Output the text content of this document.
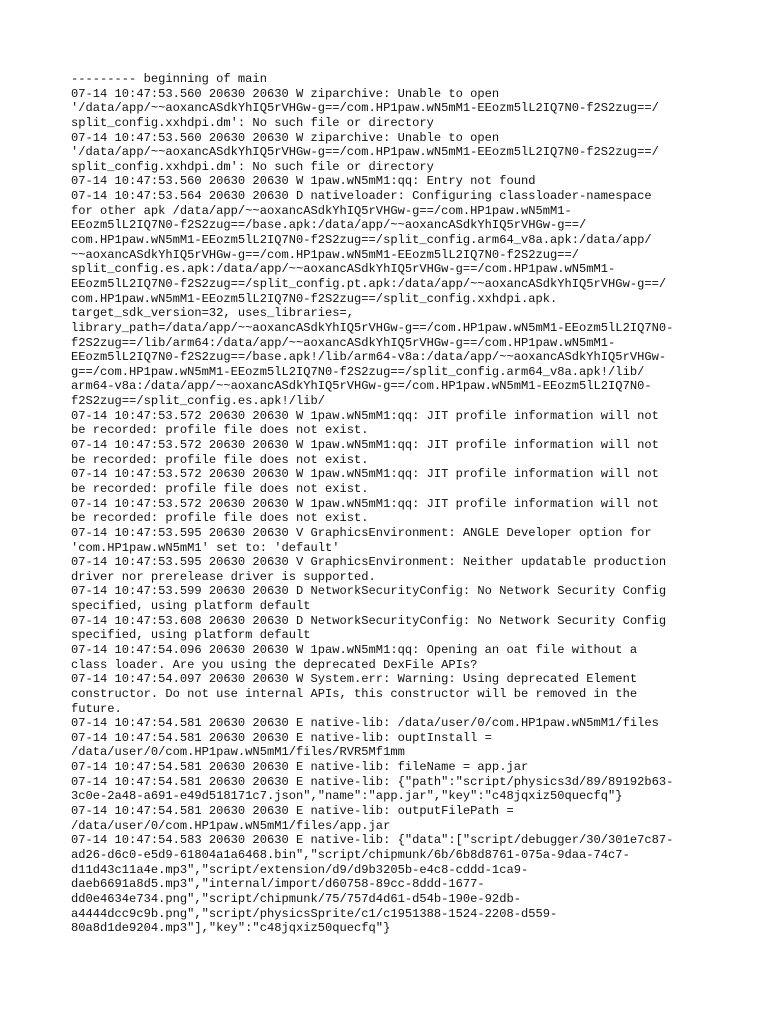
--------- beginning of main
07-14 10:47:53.560 20630 20630 W ziparchive: Unable to open
'/data/app/~~aoxancASdkYhIQ5rVHGw-g==/com.HP1paw.wN5mM1-EEozm5lL2IQ7N0-f2S2zug==/
split_config.xxhdpi.dm': No such file or directory
07-14 10:47:53.560 20630 20630 W ziparchive: Unable to open
'/data/app/~~aoxancASdkYhIQ5rVHGw-g==/com.HP1paw.wN5mM1-EEozm5lL2IQ7N0-f2S2zug==/
split_config.xxhdpi.dm': No such file or directory
07-14 10:47:53.560 20630 20630 W 1paw.wN5mM1:qq: Entry not found
07-14 10:47:53.564 20630 20630 D nativeloader: Configuring classloader-namespace
for other apk /data/app/~~aoxancASdkYhIQ5rVHGw-g==/com.HP1paw.wN5mM1-
EEozm5lL2IQ7N0-f2S2zug==/base.apk:/data/app/~~aoxancASdkYhIQ5rVHGw-g==/
com.HP1paw.wN5mM1-EEozm5lL2IQ7N0-f2S2zug==/split_config.arm64_v8a.apk:/data/app/
~~aoxancASdkYhIQ5rVHGw-g==/com.HP1paw.wN5mM1-EEozm5lL2IQ7N0-f2S2zug==/
split_config.es.apk:/data/app/~~aoxancASdkYhIQ5rVHGw-g==/com.HP1paw.wN5mM1-
EEozm5lL2IQ7N0-f2S2zug==/split_config.pt.apk:/data/app/~~aoxancASdkYhIQ5rVHGw-g==/
com.HP1paw.wN5mM1-EEozm5lL2IQ7N0-f2S2zug==/split_config.xxhdpi.apk.
target_sdk_version=32, uses_libraries=,
library_path=/data/app/~~aoxancASdkYhIQ5rVHGw-g==/com.HP1paw.wN5mM1-EEozm5lL2IQ7N0-
f2S2zug==/lib/arm64:/data/app/~~aoxancASdkYhIQ5rVHGw-g==/com.HP1paw.wN5mM1-
EEozm5lL2IQ7N0-f2S2zug==/base.apk!/lib/arm64-v8a:/data/app/~~aoxancASdkYhIQ5rVHGw-
g==/com.HP1paw.wN5mM1-EEozm5lL2IQ7N0-f2S2zug==/split_config.arm64_v8a.apk!/lib/
arm64-v8a:/data/app/~~aoxancASdkYhIQ5rVHGw-g==/com.HP1paw.wN5mM1-EEozm5lL2IQ7N0-
f2S2zug==/split_config.es.apk!/lib/
07-14 10:47:53.572 20630 20630 W 1paw.wN5mM1:qq: JIT profile information will not
be recorded: profile file does not exist.
07-14 10:47:53.572 20630 20630 W 1paw.wN5mM1:qq: JIT profile information will not
be recorded: profile file does not exist.
07-14 10:47:53.572 20630 20630 W 1paw.wN5mM1:qq: JIT profile information will not
be recorded: profile file does not exist.
07-14 10:47:53.572 20630 20630 W 1paw.wN5mM1:qq: JIT profile information will not
be recorded: profile file does not exist.
07-14 10:47:53.595 20630 20630 V GraphicsEnvironment: ANGLE Developer option for
'com.HP1paw.wN5mM1' set to: 'default'
07-14 10:47:53.595 20630 20630 V GraphicsEnvironment: Neither updatable production
driver nor prerelease driver is supported.
07-14 10:47:53.599 20630 20630 D NetworkSecurityConfig: No Network Security Config
specified, using platform default
07-14 10:47:53.608 20630 20630 D NetworkSecurityConfig: No Network Security Config
specified, using platform default
07-14 10:47:54.096 20630 20630 W 1paw.wN5mM1:qq: Opening an oat file without a
class loader. Are you using the deprecated DexFile APIs?
07-14 10:47:54.097 20630 20630 W System.err: Warning: Using deprecated Element
constructor. Do not use internal APIs, this constructor will be removed in the
future.
07-14 10:47:54.581 20630 20630 E native-lib: /data/user/0/com.HP1paw.wN5mM1/files
07-14 10:47:54.581 20630 20630 E native-lib: ouptInstall =
/data/user/0/com.HP1paw.wN5mM1/files/RVR5Mf1mm
07-14 10:47:54.581 20630 20630 E native-lib: fileName = app.jar
07-14 10:47:54.581 20630 20630 E native-lib: {"path":"script/physics3d/89/89192b63-
3c0e-2a48-a691-e49d518171c7.json","name":"app.jar","key":"c48jqxiz50quecfq"}
07-14 10:47:54.581 20630 20630 E native-lib: outputFilePath =
/data/user/0/com.HP1paw.wN5mM1/files/app.jar
07-14 10:47:54.583 20630 20630 E native-lib: {"data":["script/debugger/30/301e7c87-
ad26-d6c0-e5d9-61804a1a6468.bin","script/chipmunk/6b/6b8d8761-075a-9daa-74c7-
d11d43c11a4e.mp3","script/extension/d9/d9b3205b-e4c8-cddd-1ca9-
daeb6691a8d5.mp3","internal/import/d60758-89cc-8ddd-1677-
dd0e4634e734.png","script/chipmunk/75/757d4d61-d54b-190e-92db-
a4444dcc9c9b.png","script/physicsSprite/c1/c1951388-1524-2208-d559-
80a8d1de9204.mp3"],"key":"c48jqxiz50quecfq"}
